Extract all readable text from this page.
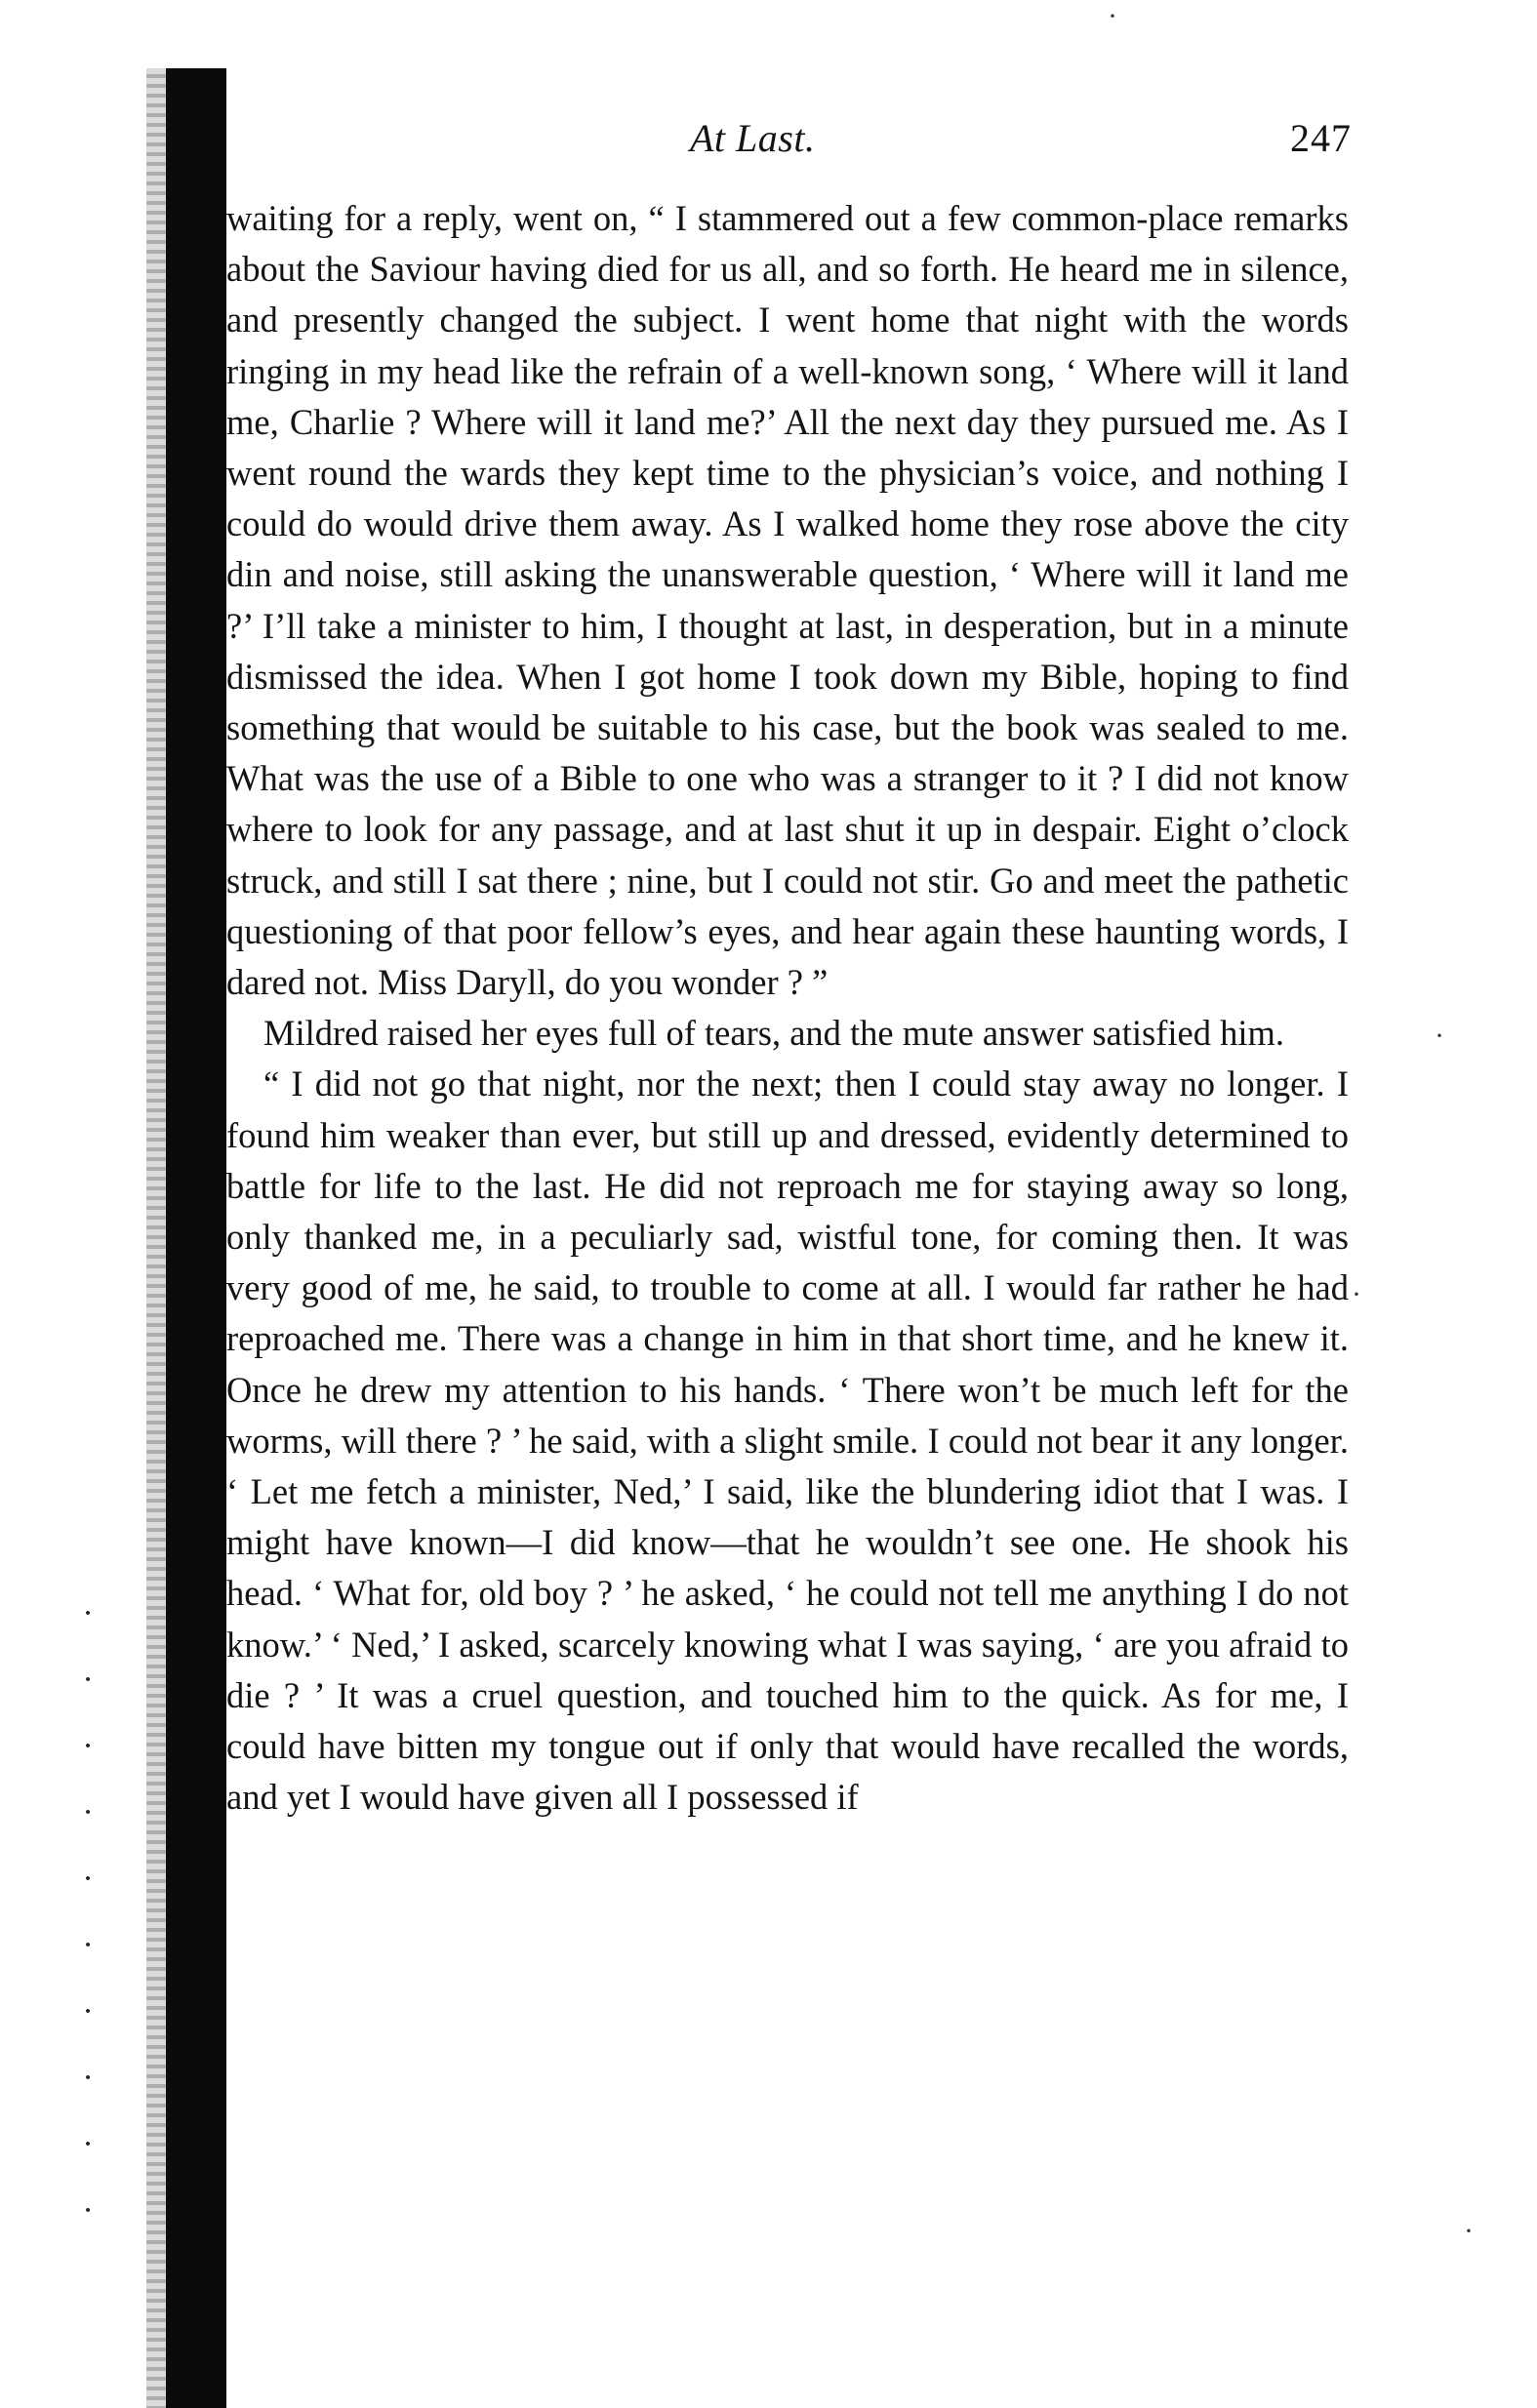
·
·
·
·
·
·
·
·
·
·
·
·
·
·
At Last.	247

waiting for a reply, went on, “ I stammered out a few common-place remarks about the Saviour having died for us all, and so forth. He heard me in silence, and presently changed the subject. I went home that night with the words ringing in my head like the refrain of a well-known song, ‘ Where will it land me, Charlie ? Where will it land me?’ All the next day they pursued me. As I went round the wards they kept time to the physician’s voice, and nothing I could do would drive them away. As I walked home they rose above the city din and noise, still asking the unanswerable question, ‘ Where will it land me ?’ I’ll take a minister to him, I thought at last, in desperation, but in a minute dismissed the idea. When I got home I took down my Bible, hoping to find something that would be suitable to his case, but the book was sealed to me. What was the use of a Bible to one who was a stranger to it ? I did not know where to look for any passage, and at last shut it up in despair. Eight o’clock struck, and still I sat there ; nine, but I could not stir. Go and meet the pathetic questioning of that poor fellow’s eyes, and hear again these haunting words, I dared not. Miss Daryll, do you wonder ? ”

Mildred raised her eyes full of tears, and the mute answer satisfied him.

“ I did not go that night, nor the next; then I could stay away no longer. I found him weaker than ever, but still up and dressed, evidently determined to battle for life to the last. He did not reproach me for staying away so long, only thanked me, in a peculiarly sad, wistful tone, for coming then. It was very good of me, he said, to trouble to come at all. I would far rather he had reproached me. There was a change in him in that short time, and he knew it. Once he drew my attention to his hands. ‘ There won’t be much left for the worms, will there ? ’ he said, with a slight smile. I could not bear it any longer. ‘ Let me fetch a minister, Ned,’ I said, like the blundering idiot that I was. I might have known—I did know—that he wouldn’t see one. He shook his head. ‘ What for, old boy ? ’ he asked, ‘ he could not tell me anything I do not know.’ ‘ Ned,’ I asked, scarcely knowing what I was saying, ‘ are you afraid to die ? ’ It was a cruel question, and touched him to the quick. As for me, I could have bitten my tongue out if only that would have recalled the words, and yet I would have given all I possessed if
